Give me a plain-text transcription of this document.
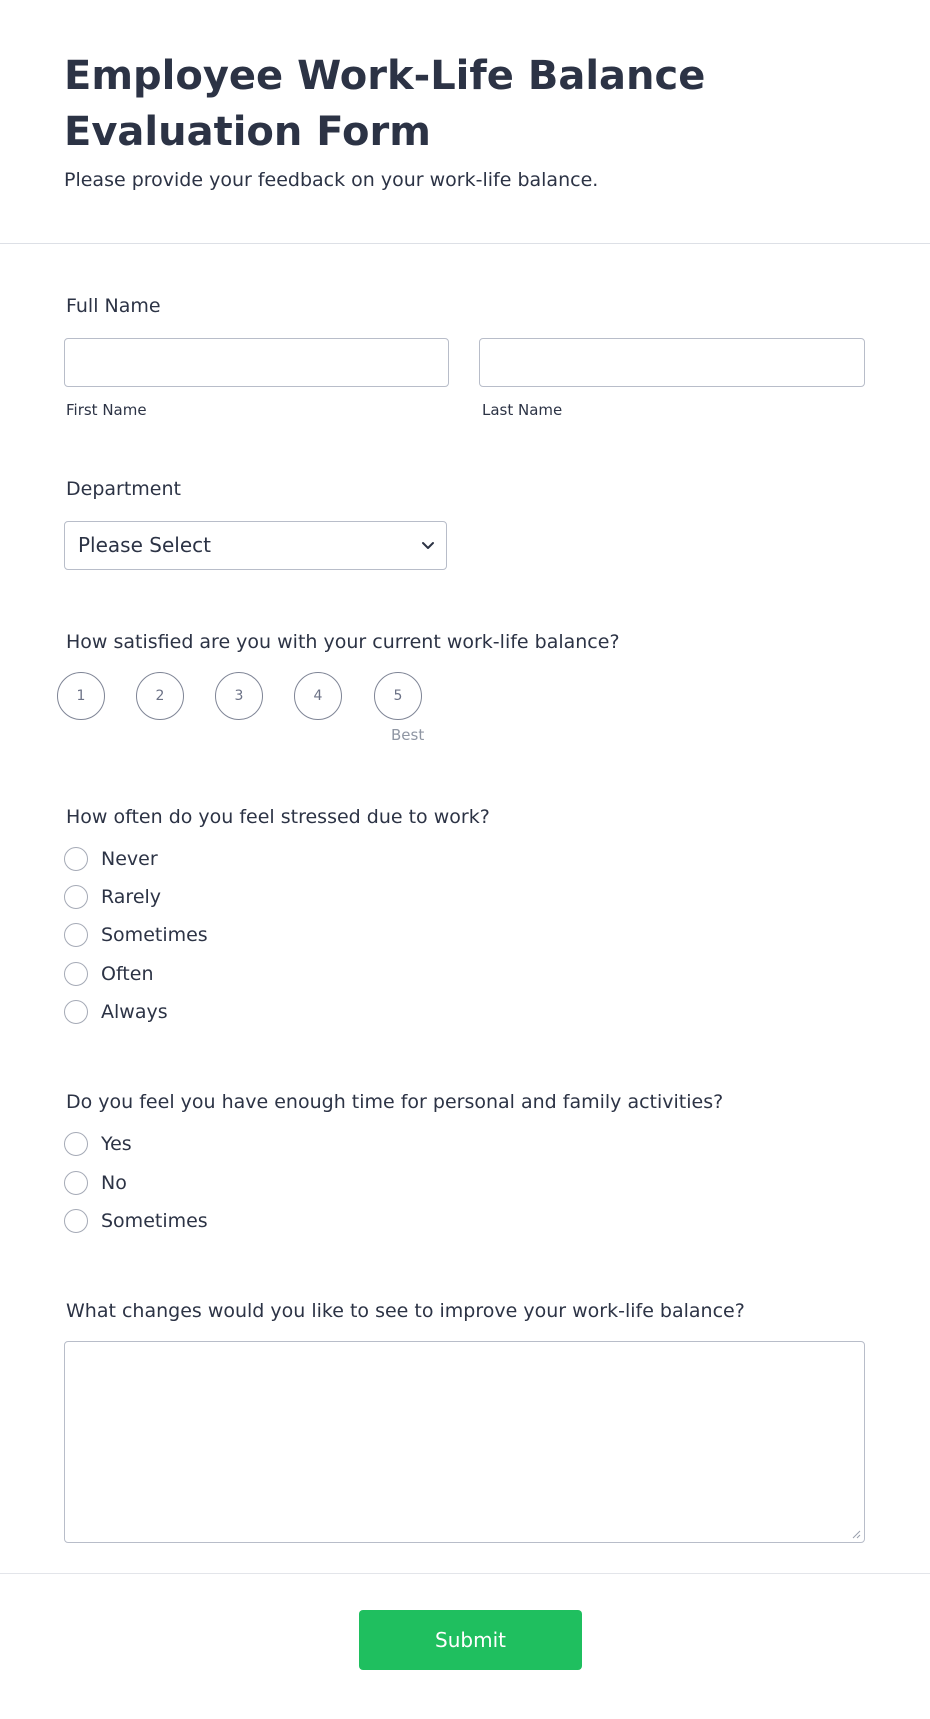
Employee Work-Life Balance Evaluation Form

Please provide your feedback on your work-life balance.

Full Name
First Name	Last Name
Department
Please Select
How satisfied are you with your current work-life balance?
1	2	3	4	5
Best
How often do you feel stressed due to work?
Never
Rarely
Sometimes
Often
Always
Do you feel you have enough time for personal and family activities?
Yes
No
Sometimes
What changes would you like to see to improve your work-life balance?
Submit
